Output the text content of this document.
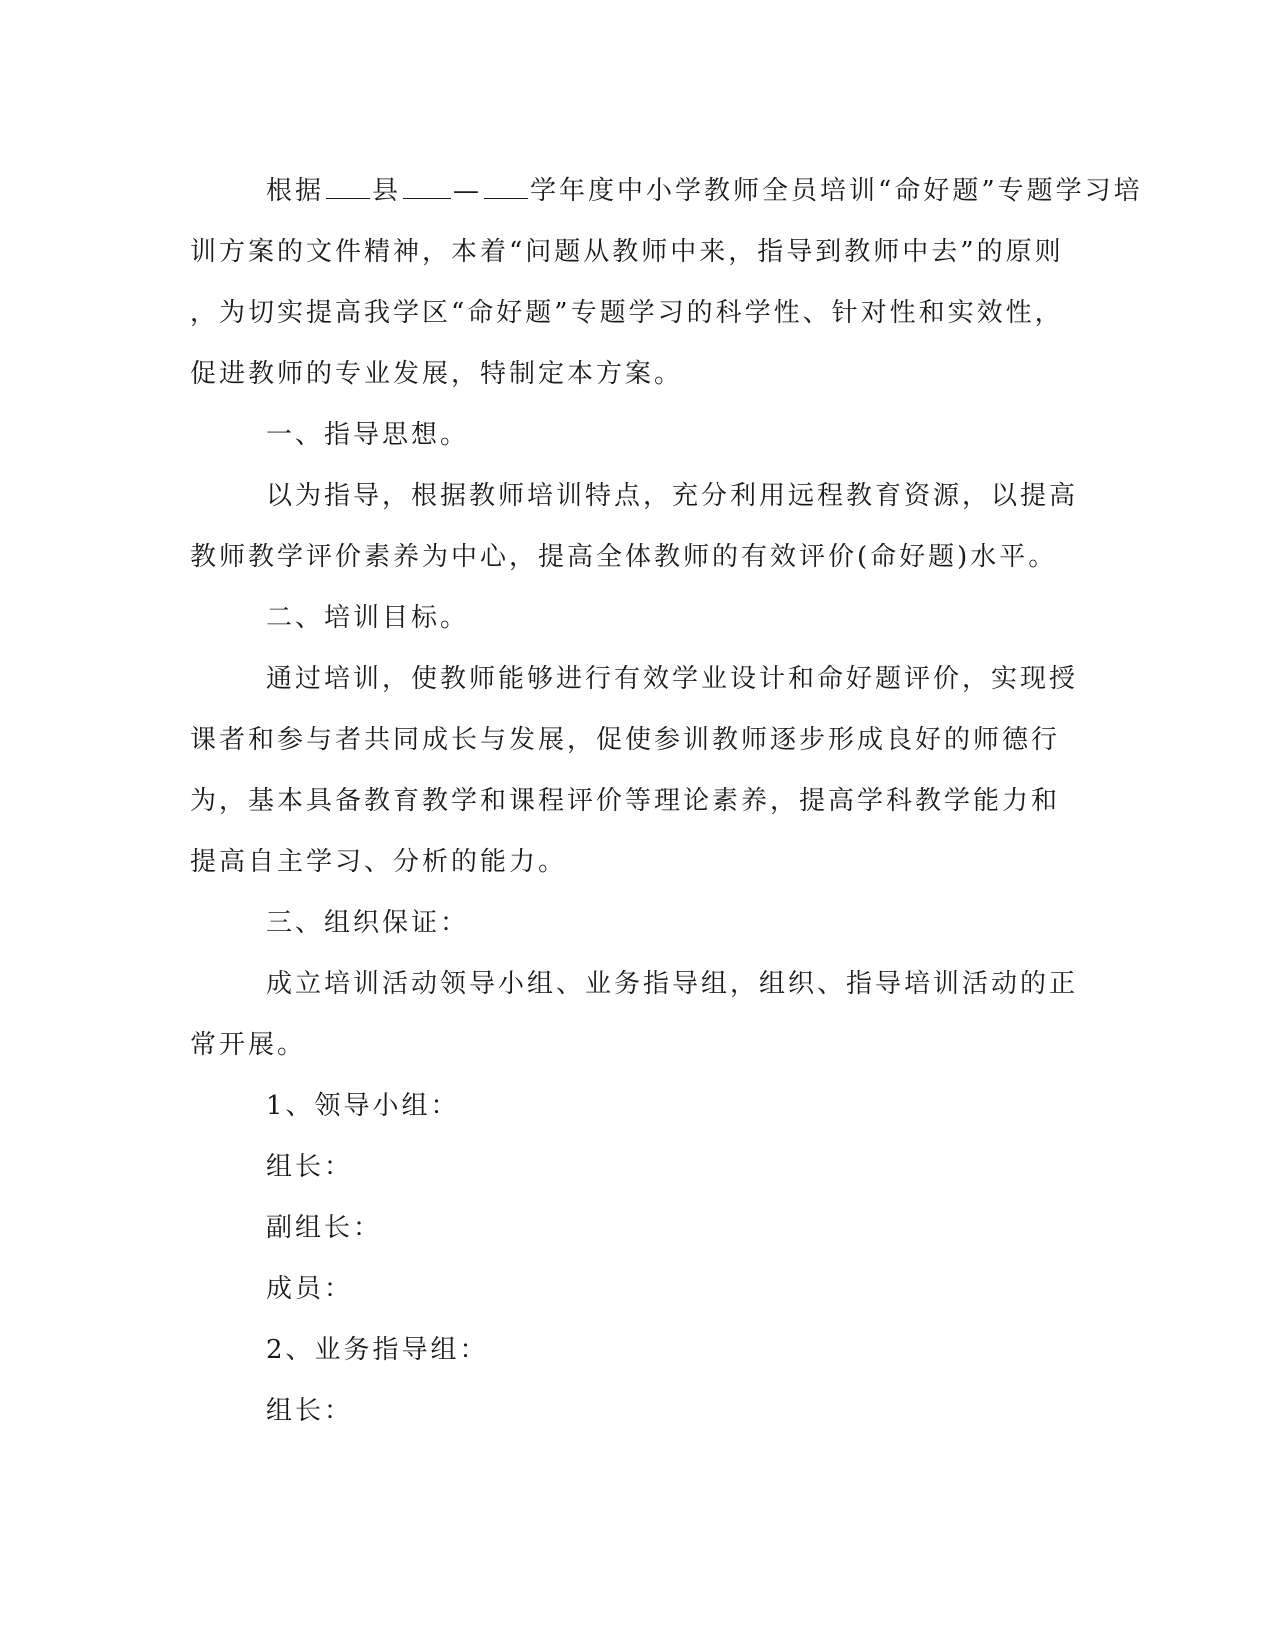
根据 县 — 学年度中小学教师全员培训“命好题”专题学习培
训方案的文件精神，本着“问题从教师中来，指导到教师中去”的原则
，为切实提高我学区“命好题”专题学习的科学性、针对性和实效性，
促进教师的专业发展，特制定本方案。

一、指导思想。

以为指导，根据教师培训特点，充分利用远程教育资源，以提高
教师教学评价素养为中心，提高全体教师的有效评价(命好题)水平。

二、培训目标。

通过培训，使教师能够进行有效学业设计和命好题评价，实现授
课者和参与者共同成长与发展，促使参训教师逐步形成良好的师德行
为，基本具备教育教学和课程评价等理论素养，提高学科教学能力和
提高自主学习、分析的能力。

三、组织保证：

成立培训活动领导小组、业务指导组，组织、指导培训活动的正
常开展。

1、领导小组：

组长：

副组长：

成员：

2、业务指导组：

组长：
